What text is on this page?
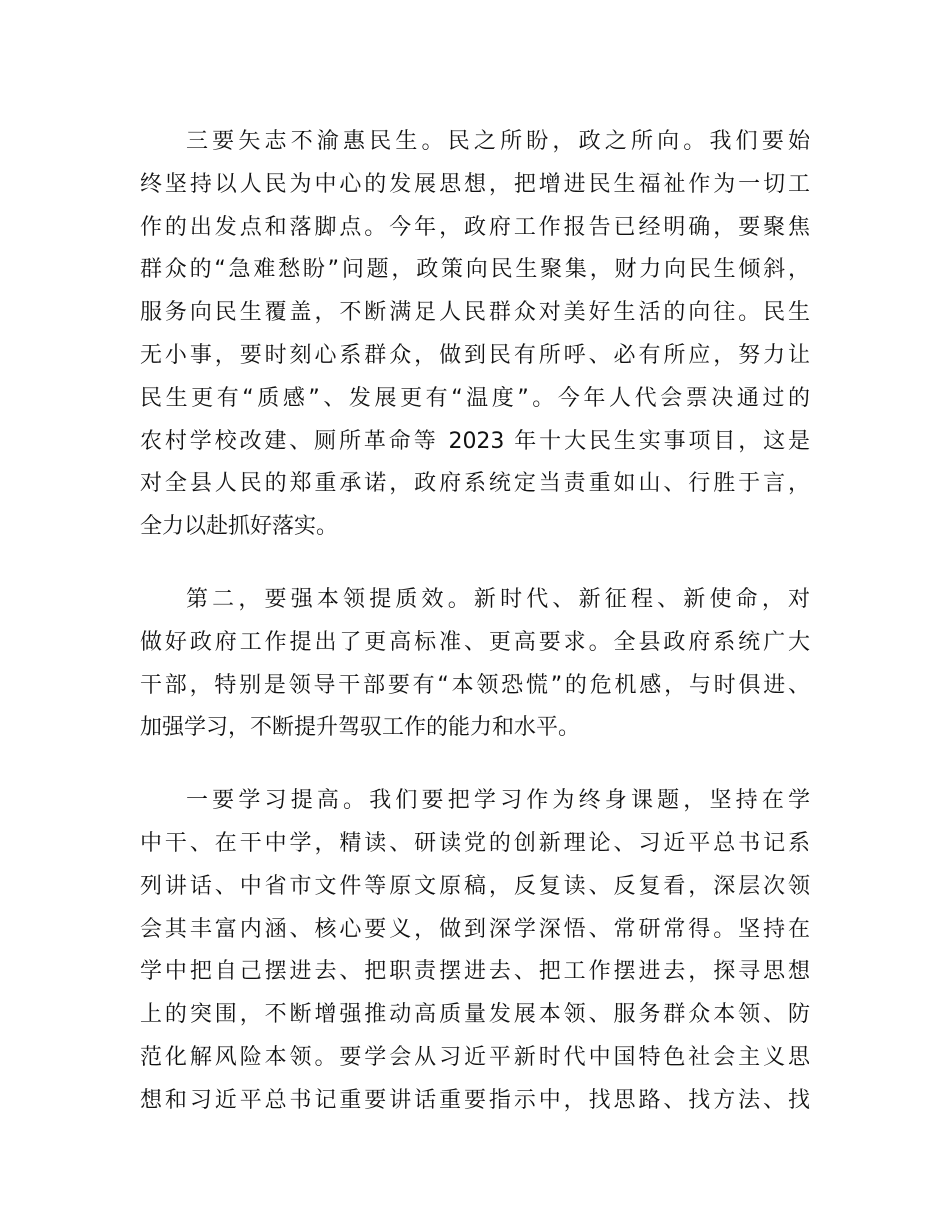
三要矢志不渝惠民生。民之所盼，政之所向。我们要始
终坚持以人民为中心的发展思想，把增进民生福祉作为一切工
作的出发点和落脚点。今年，政府工作报告已经明确，要聚焦
群众的“急难愁盼”问题，政策向民生聚集，财力向民生倾斜，
服务向民生覆盖，不断满足人民群众对美好生活的向往。民生
无小事，要时刻心系群众，做到民有所呼、必有所应，努力让
民生更有“质感”、发展更有“温度”。今年人代会票决通过的
农村学校改建、厕所革命等 2023 年十大民生实事项目，这是
对全县人民的郑重承诺，政府系统定当责重如山、行胜于言，
全力以赴抓好落实。
第二，要强本领提质效。新时代、新征程、新使命，对
做好政府工作提出了更高标准、更高要求。全县政府系统广大
干部，特别是领导干部要有“本领恐慌”的危机感，与时俱进、
加强学习，不断提升驾驭工作的能力和水平。
一要学习提高。我们要把学习作为终身课题，坚持在学
中干、在干中学，精读、研读党的创新理论、习近平总书记系
列讲话、中省市文件等原文原稿，反复读、反复看，深层次领
会其丰富内涵、核心要义，做到深学深悟、常研常得。坚持在
学中把自己摆进去、把职责摆进去、把工作摆进去，探寻思想
上的突围，不断增强推动高质量发展本领、服务群众本领、防
范化解风险本领。要学会从习近平新时代中国特色社会主义思
想和习近平总书记重要讲话重要指示中，找思路、找方法、找
